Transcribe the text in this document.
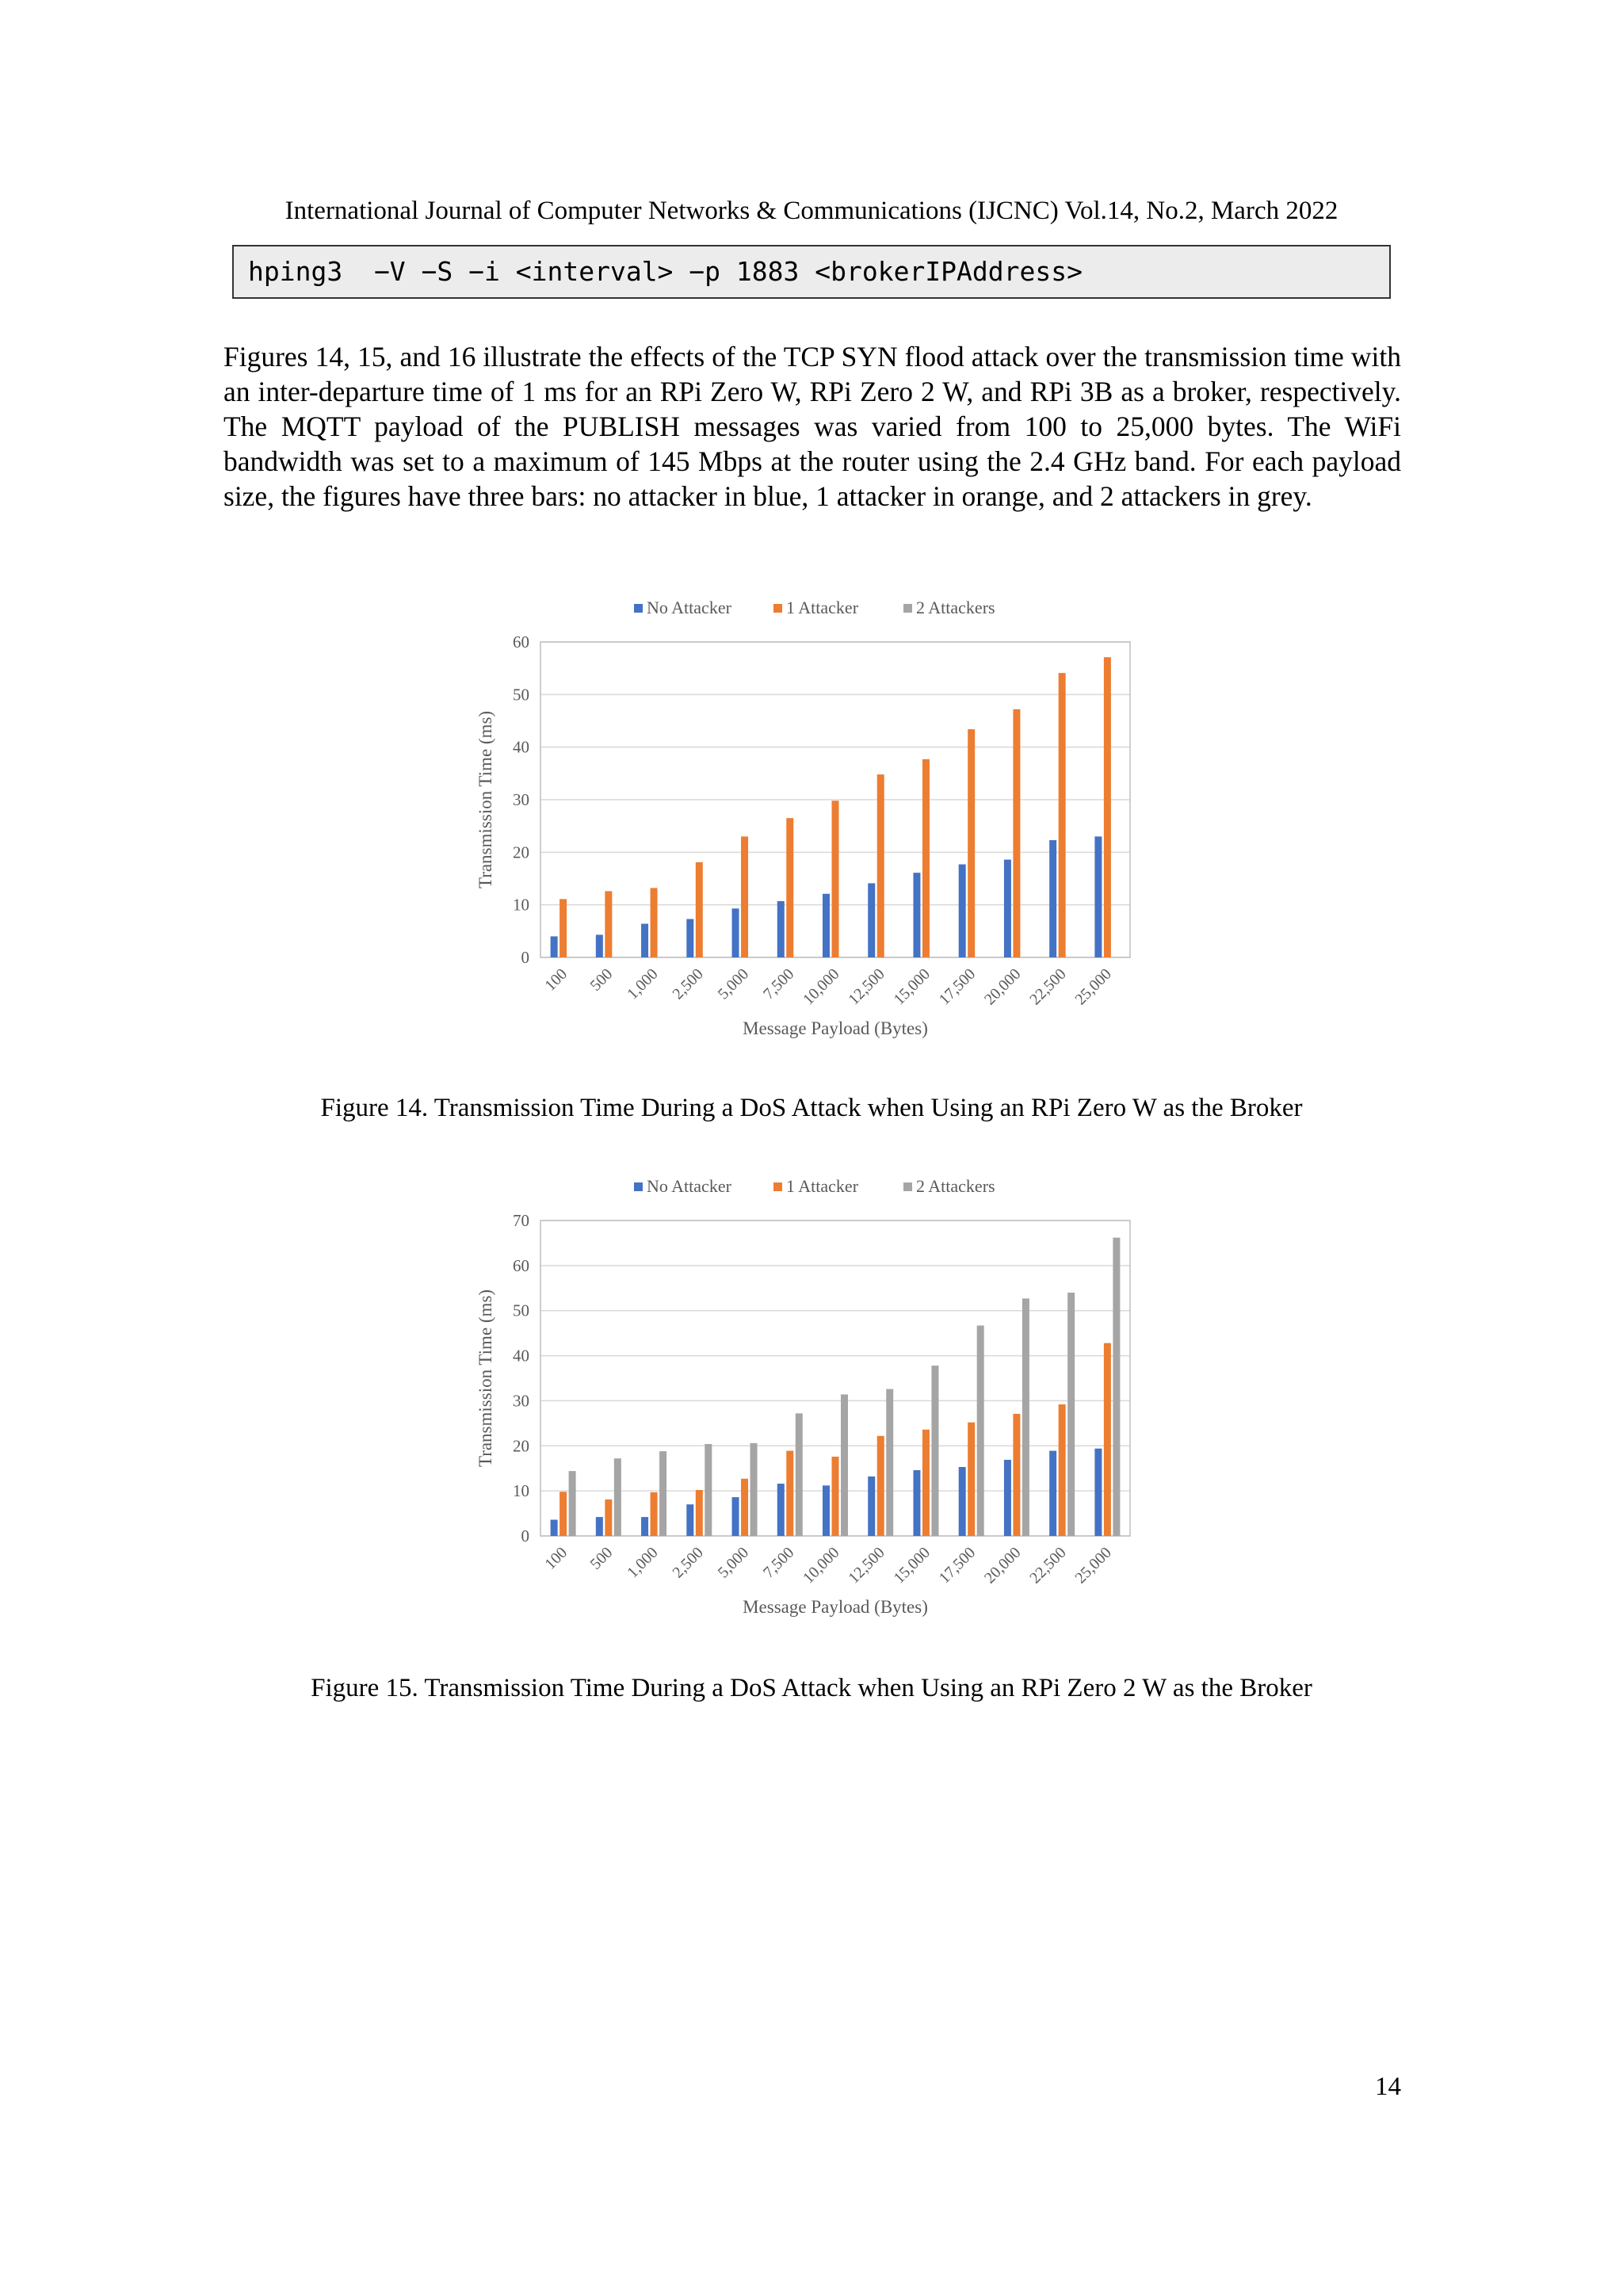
International Journal of Computer Networks & Communications (IJCNC) Vol.14, No.2, March 2022
hping3  −V −S −i <interval> −p 1883 <brokerIPAddress>
Figures 14, 15, and 16 illustrate the effects of the TCP SYN flood attack over the transmission time with an inter-departure time of 1 ms for an RPi Zero W, RPi Zero 2 W, and RPi 3B as a broker, respectively. The MQTT payload of the PUBLISH messages was varied from 100 to 25,000 bytes. The WiFi bandwidth was set to a maximum of 145 Mbps at the router using the 2.4 GHz band. For each payload size, the figures have three bars: no attacker in blue, 1 attacker in orange, and 2 attackers in grey.
0
10
20
30
40
50
60
100 500 1,000 2,500 5,000 7,500 10,000 12,500 15,000 17,500 20,000 22,500 25,000
Message Payload (Bytes)
Transmission Time (ms)
No Attacker	1 Attacker	2 Attackers
Figure 14. Transmission Time During a DoS Attack when Using an RPi Zero W as the Broker
0
10
20
30
40
50
60
70
100 500 1,000 2,500 5,000 7,500 10,000 12,500 15,000 17,500 20,000 22,500 25,000
Message Payload (Bytes)
Transmission Time (ms)
No Attacker	1 Attacker	2 Attackers
Figure 15. Transmission Time During a DoS Attack when Using an RPi Zero 2 W as the Broker
14
